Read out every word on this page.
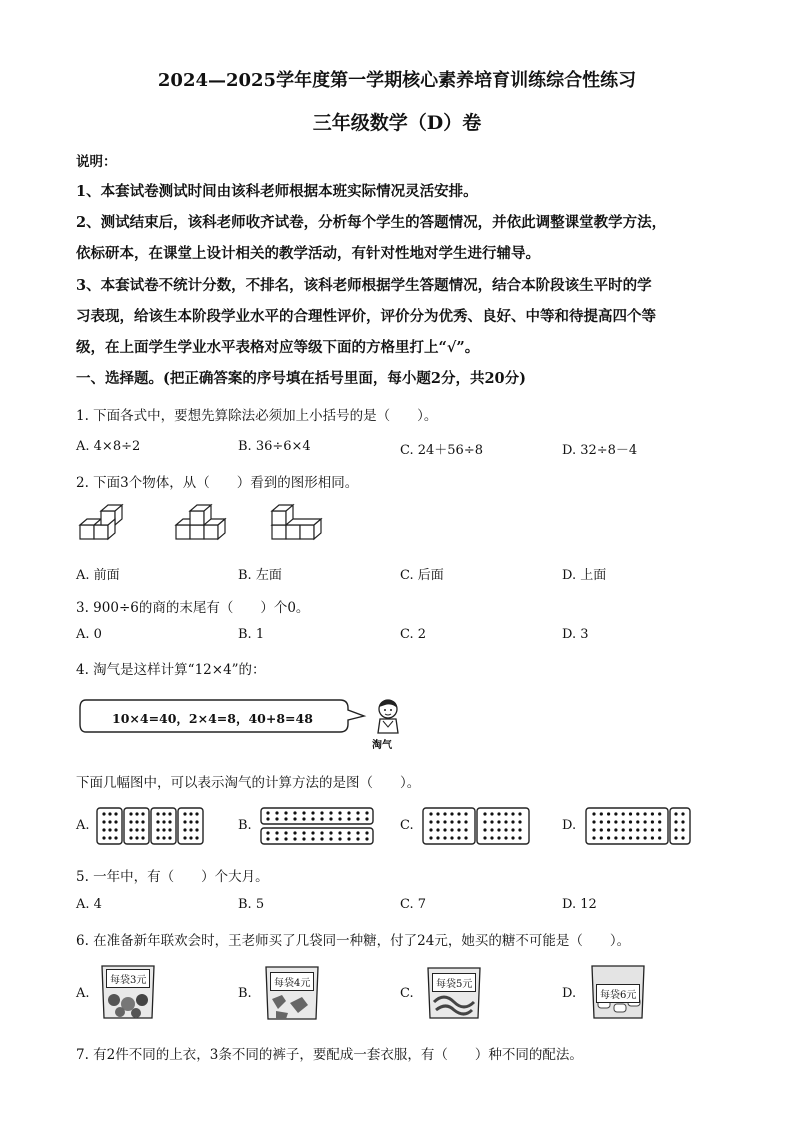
2024—2025学年度第一学期核心素养培育训练综合性练习
三年级数学（D）卷
说明：
1、本套试卷测试时间由该科老师根据本班实际情况灵活安排。
2、测试结束后，该科老师收齐试卷，分析每个学生的答题情况，并依此调整课堂教学方法，
依标研本，在课堂上设计相关的教学活动，有针对性地对学生进行辅导。
3、本套试卷不统计分数，不排名，该科老师根据学生答题情况，结合本阶段该生平时的学
习表现，给该生本阶段学业水平的合理性评价，评价分为优秀、良好、中等和待提高四个等
级，在上面学生学业水平表格对应等级下面的方格里打上“√”。
一、选择题。(把正确答案的序号填在括号里面，每小题2分，共20分)
1. 下面各式中，要想先算除法必须加上小括号的是（　　）。
A. 4×8÷2	B. 36÷6×4	C. 24＋56÷8	D. 32÷8－4
2. 下面3个物体，从（　　）看到的图形相同。
A. 前面	B. 左面	C. 后面	D. 上面
3. 900÷6的商的末尾有（　　）个0。
A. 0	B. 1	C. 2	D. 3
4. 淘气是这样计算“12×4”的：
10×4=40，2×4=8，40+8=48
淘气
下面几幅图中，可以表示淘气的计算方法的是图（　　）。
A.	B.	C.	D.
5. 一年中，有（　　）个大月。
A. 4	B. 5	C. 7	D. 12
6. 在准备新年联欢会时，王老师买了几袋同一种糖，付了24元，她买的糖不可能是（　　）。
A.
每袋3元
B.
每袋4元
C.
每袋5元
D.	每袋6元
7. 有2件不同的上衣，3条不同的裤子，要配成一套衣服，有（　　）种不同的配法。
